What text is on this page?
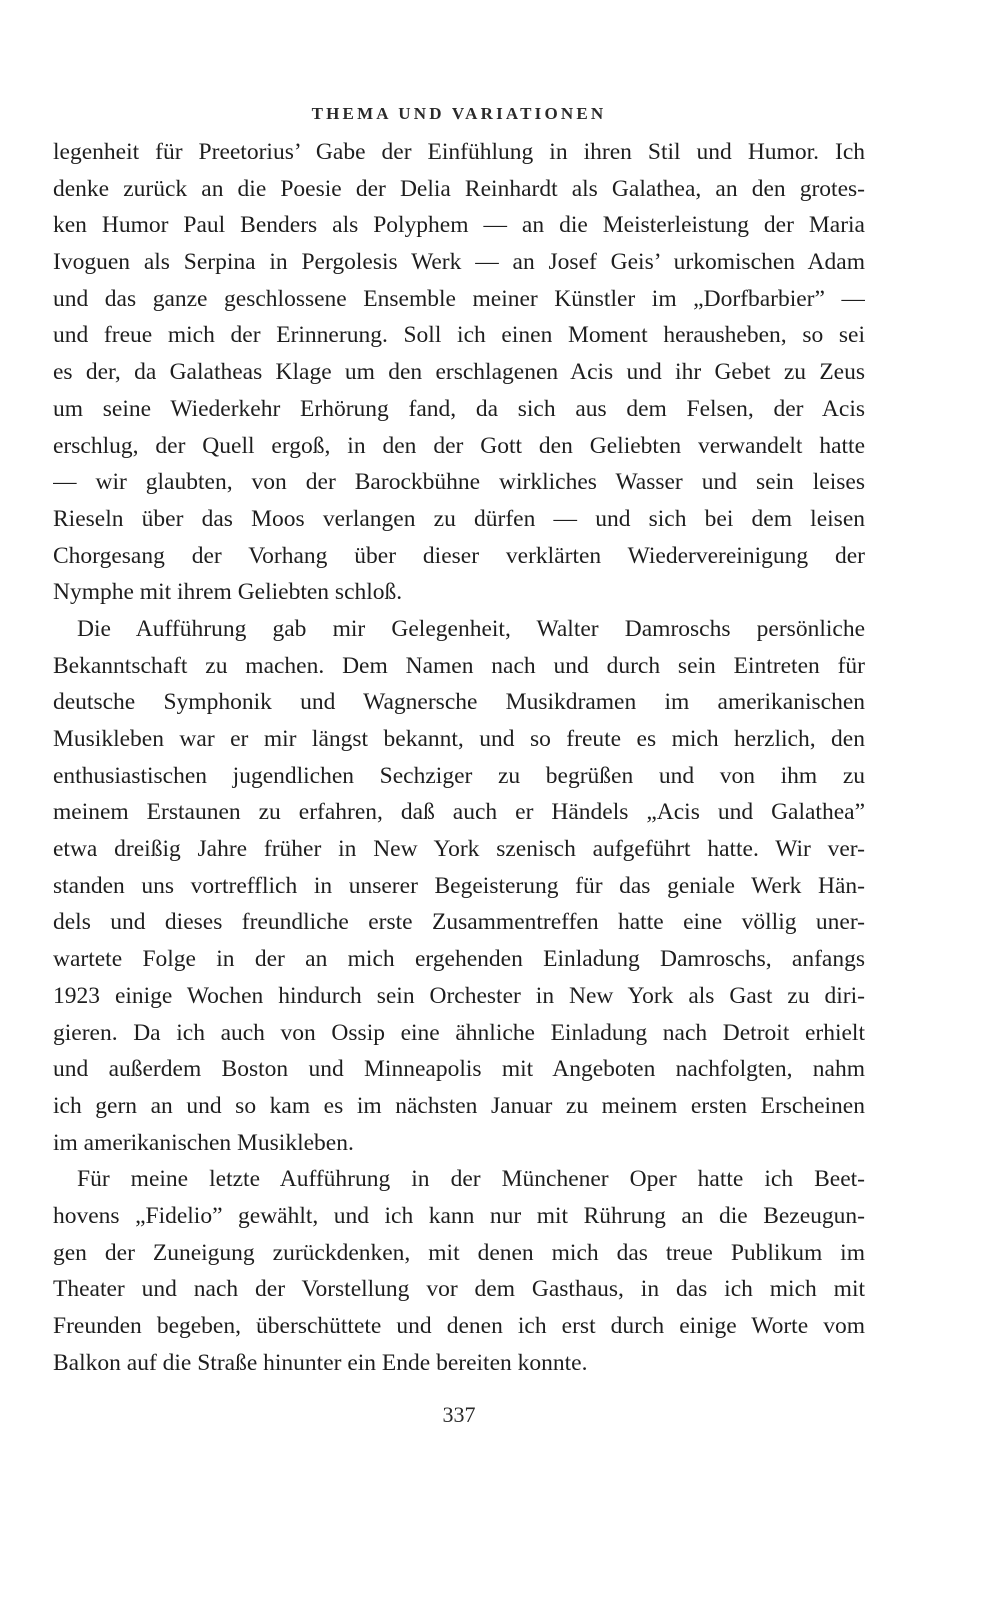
THEMA UND VARIATIONEN
legenheit für Preetorius’ Gabe der Einfühlung in ihren Stil und Humor. Ich
denke zurück an die Poesie der Delia Reinhardt als Galathea, an den grotes-
ken Humor Paul Benders als Polyphem — an die Meisterleistung der Maria
Ivoguen als Serpina in Pergolesis Werk — an Josef Geis’ urkomischen Adam
und das ganze geschlossene Ensemble meiner Künstler im „Dorfbarbier” —
und freue mich der Erinnerung. Soll ich einen Moment herausheben, so sei
es der, da Galatheas Klage um den erschlagenen Acis und ihr Gebet zu Zeus
um seine Wiederkehr Erhörung fand, da sich aus dem Felsen, der Acis
erschlug, der Quell ergoß, in den der Gott den Geliebten verwandelt hatte
— wir glaubten, von der Barockbühne wirkliches Wasser und sein leises
Rieseln über das Moos verlangen zu dürfen — und sich bei dem leisen
Chorgesang der Vorhang über dieser verklärten Wiedervereinigung der
Nymphe mit ihrem Geliebten schloß.
Die Aufführung gab mir Gelegenheit, Walter Damroschs persönliche
Bekanntschaft zu machen. Dem Namen nach und durch sein Eintreten für
deutsche Symphonik und Wagnersche Musikdramen im amerikanischen
Musikleben war er mir längst bekannt, und so freute es mich herzlich, den
enthusiastischen jugendlichen Sechziger zu begrüßen und von ihm zu
meinem Erstaunen zu erfahren, daß auch er Händels „Acis und Galathea”
etwa dreißig Jahre früher in New York szenisch aufgeführt hatte. Wir ver-
standen uns vortrefflich in unserer Begeisterung für das geniale Werk Hän-
dels und dieses freundliche erste Zusammentreffen hatte eine völlig uner-
wartete Folge in der an mich ergehenden Einladung Damroschs, anfangs
1923 einige Wochen hindurch sein Orchester in New York als Gast zu diri-
gieren. Da ich auch von Ossip eine ähnliche Einladung nach Detroit erhielt
und außerdem Boston und Minneapolis mit Angeboten nachfolgten, nahm
ich gern an und so kam es im nächsten Januar zu meinem ersten Erscheinen
im amerikanischen Musikleben.
Für meine letzte Aufführung in der Münchener Oper hatte ich Beet-
hovens „Fidelio” gewählt, und ich kann nur mit Rührung an die Bezeugun-
gen der Zuneigung zurückdenken, mit denen mich das treue Publikum im
Theater und nach der Vorstellung vor dem Gasthaus, in das ich mich mit
Freunden begeben, überschüttete und denen ich erst durch einige Worte vom
Balkon auf die Straße hinunter ein Ende bereiten konnte.
337
